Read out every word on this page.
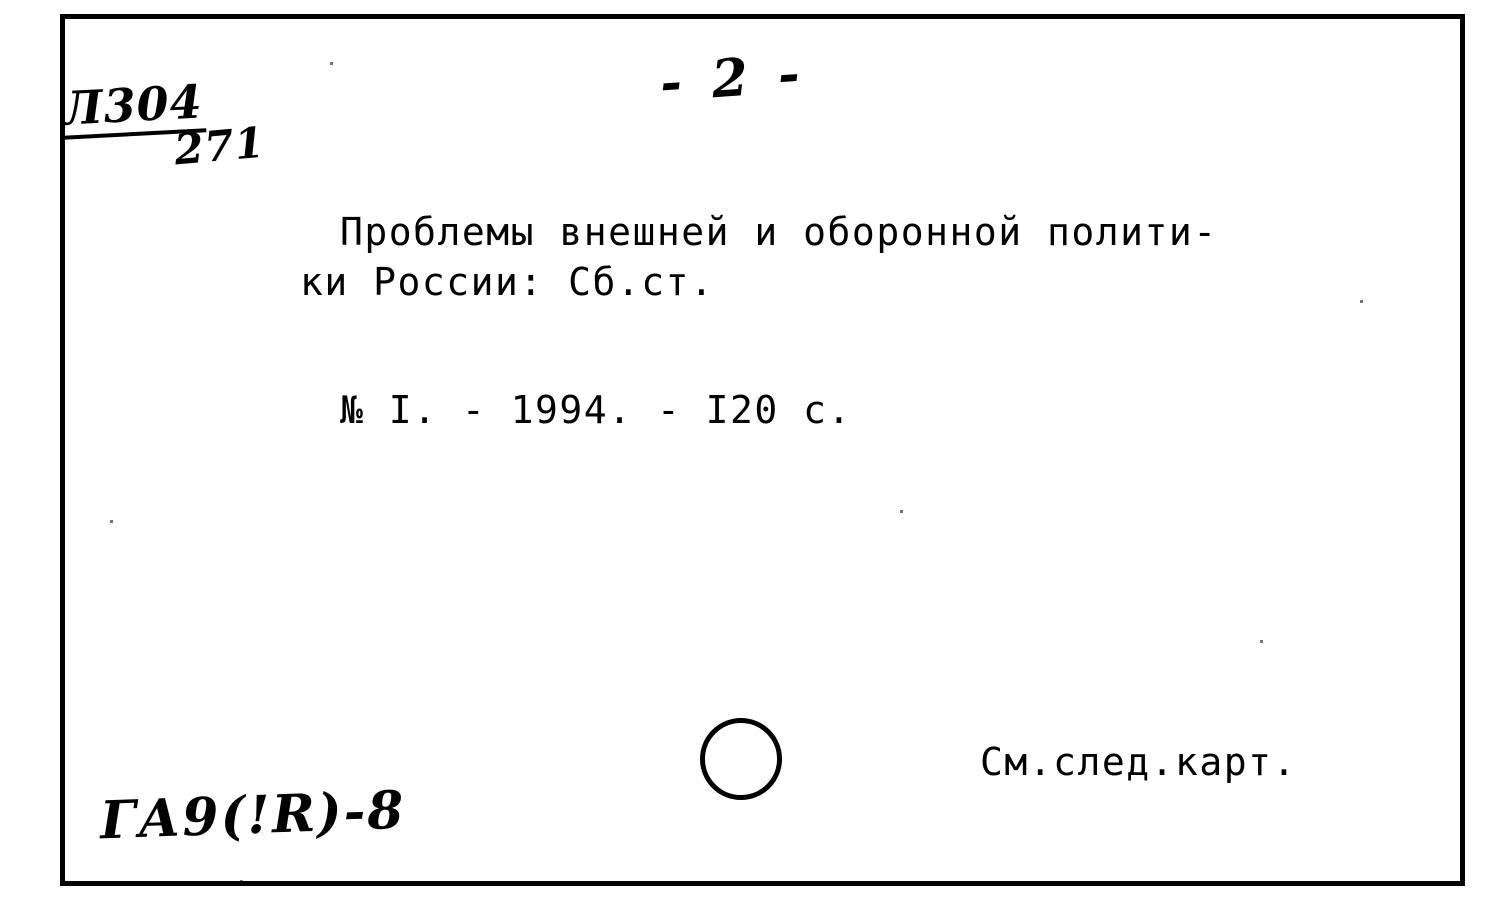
Л304
271
- 2 -
Проблемы внешней и оборонной полити-
ки России: Сб.ст.
№ I. - 1994. - I20 с.
См.след.карт.
ГА9(!R)-8
